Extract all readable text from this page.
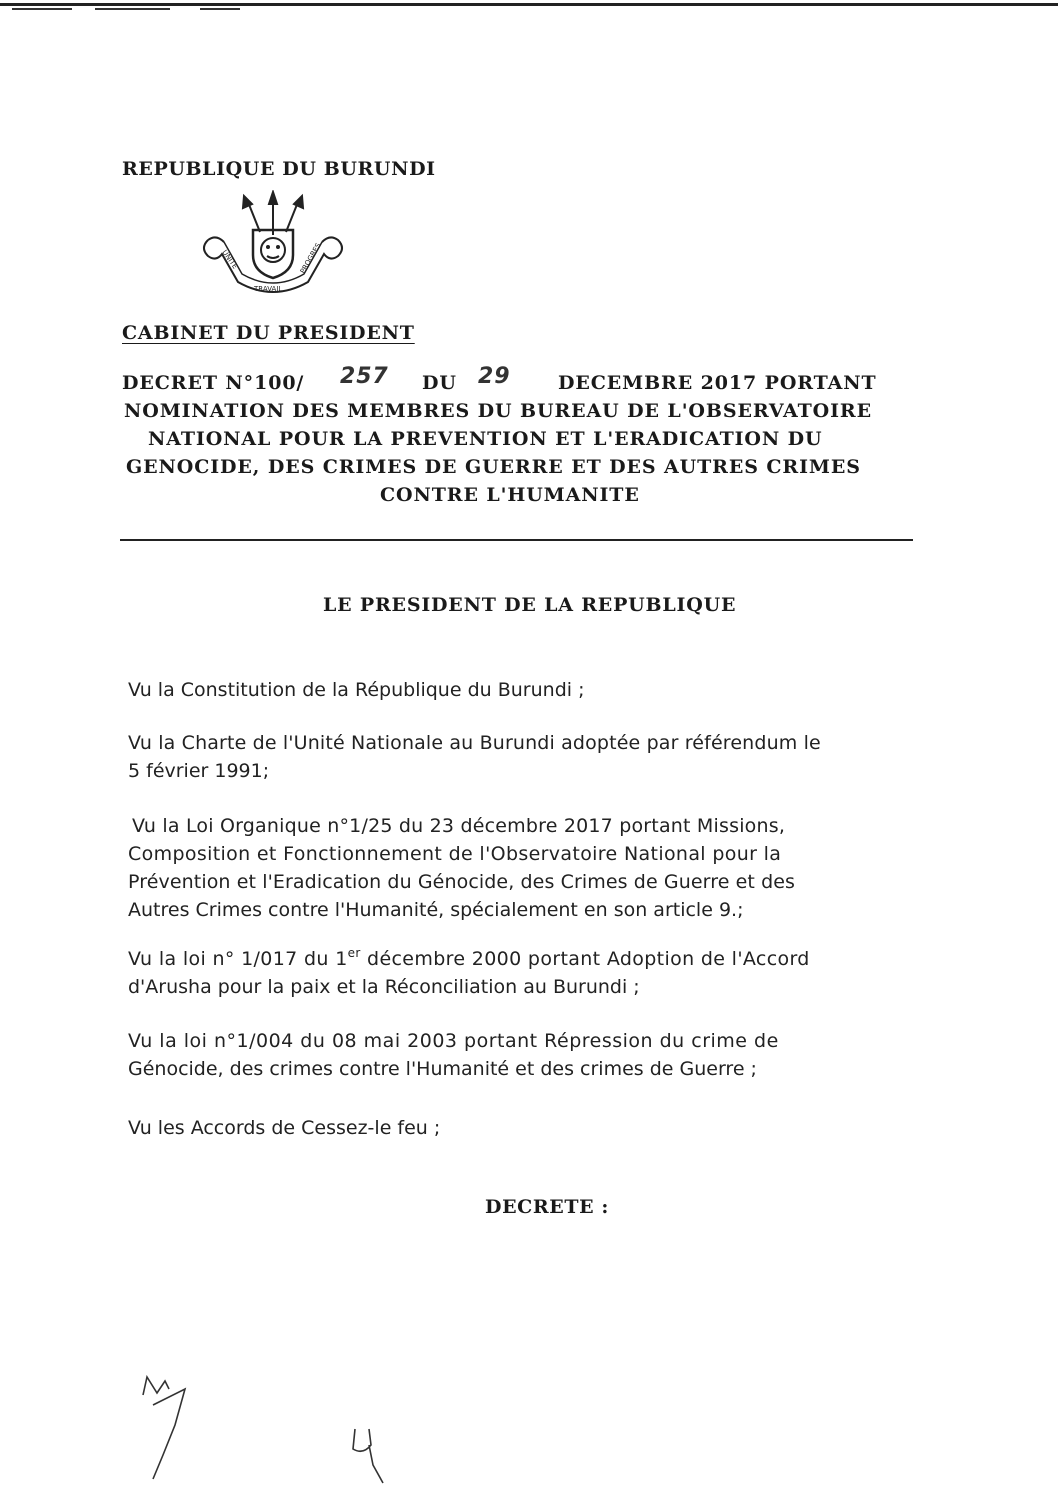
REPUBLIQUE DU BURUNDI
UNITE
TRAVAIL
PROGRES
CABINET DU PRESIDENT
DECRET N°100/ 257 DU 29	DECEMBRE 2017 PORTANT
NOMINATION DES MEMBRES DU BUREAU DE L'OBSERVATOIRE
NATIONAL POUR LA PREVENTION ET L'ERADICATION DU
GENOCIDE, DES CRIMES DE GUERRE ET DES AUTRES CRIMES
CONTRE L'HUMANITE
LE PRESIDENT DE LA REPUBLIQUE
Vu la Constitution de la République du Burundi ;
Vu la Charte de l'Unité Nationale au Burundi adoptée par référendum le
5 février 1991;
Vu la Loi Organique n°1/25 du 23 décembre 2017 portant Missions,
Composition et Fonctionnement de l'Observatoire National pour la
Prévention et l'Eradication du Génocide, des Crimes de Guerre et des
Autres Crimes contre l'Humanité, spécialement en son article 9.;
Vu la loi n° 1/017 du 1er décembre 2000 portant Adoption de l'Accord
d'Arusha pour la paix et la Réconciliation au Burundi ;
Vu la loi n°1/004 du 08 mai 2003 portant Répression du crime de
Génocide, des crimes contre l'Humanité et des crimes de Guerre ;
Vu les Accords de Cessez-le feu ;
DECRETE :
